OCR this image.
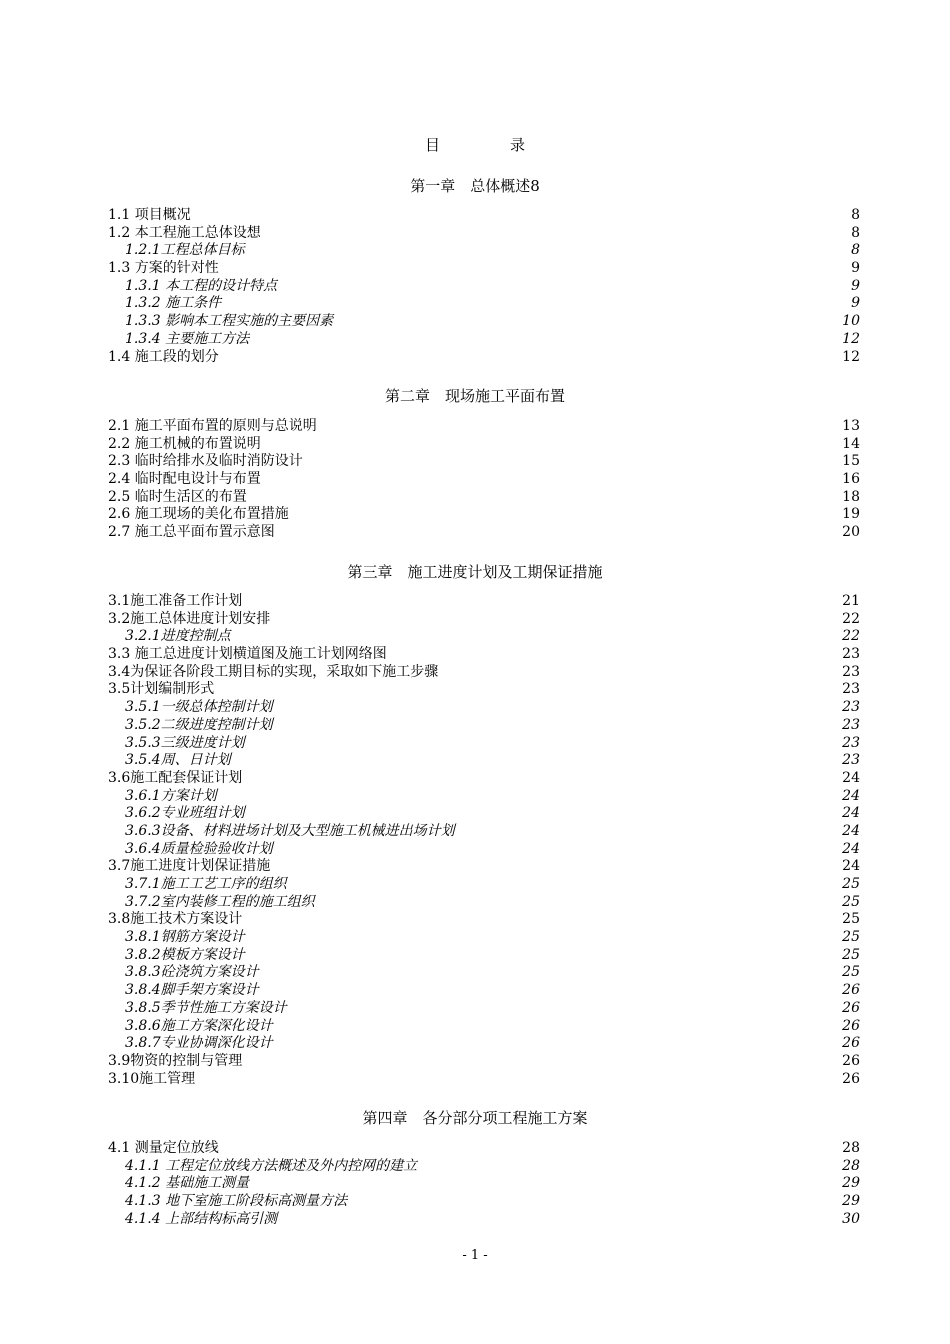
目	录
第一章　总体概述8
1.1 项目概况	8
1.2 本工程施工总体设想	8
1.2.1工程总体目标	8
1.3 方案的针对性	9
1.3.1 本工程的设计特点	9
1.3.2 施工条件	9
1.3.3 影响本工程实施的主要因素	10
1.3.4 主要施工方法	12
1.4 施工段的划分	12
第二章　现场施工平面布置
2.1 施工平面布置的原则与总说明	13
2.2 施工机械的布置说明	14
2.3 临时给排水及临时消防设计	15
2.4 临时配电设计与布置	16
2.5 临时生活区的布置	18
2.6 施工现场的美化布置措施	19
2.7 施工总平面布置示意图	20
第三章　施工进度计划及工期保证措施
3.1施工准备工作计划	21
3.2施工总体进度计划安排	22
3.2.1进度控制点	22
3.3 施工总进度计划横道图及施工计划网络图	23
3.4为保证各阶段工期目标的实现，采取如下施工步骤	23
3.5计划编制形式	23
3.5.1一级总体控制计划	23
3.5.2二级进度控制计划	23
3.5.3三级进度计划	23
3.5.4周、日计划	23
3.6施工配套保证计划	24
3.6.1方案计划	24
3.6.2专业班组计划	24
3.6.3设备、材料进场计划及大型施工机械进出场计划	24
3.6.4质量检验验收计划	24
3.7施工进度计划保证措施	24
3.7.1施工工艺工序的组织	25
3.7.2室内装修工程的施工组织	25
3.8施工技术方案设计	25
3.8.1钢筋方案设计	25
3.8.2模板方案设计	25
3.8.3砼浇筑方案设计	25
3.8.4脚手架方案设计	26
3.8.5季节性施工方案设计	26
3.8.6施工方案深化设计	26
3.8.7专业协调深化设计	26
3.9物资的控制与管理	26
3.10施工管理	26
第四章　各分部分项工程施工方案
4.1 测量定位放线	28
4.1.1 工程定位放线方法概述及外内控网的建立	28
4.1.2 基础施工测量	29
4.1.3 地下室施工阶段标高测量方法	29
4.1.4 上部结构标高引测	30
- 1 -
